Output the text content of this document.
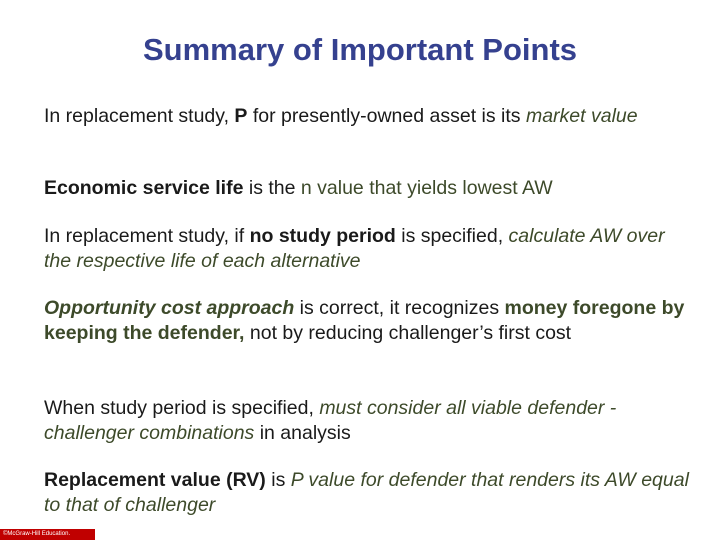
Summary of Important Points
In replacement study, P for presently-owned asset is its market value
Economic service life is the n value that yields lowest AW
In replacement study, if no study period is specified, calculate AW over the respective life of each alternative
Opportunity cost approach is correct, it recognizes money foregone by keeping the defender, not by reducing challenger’s first cost
When study period is specified, must consider all viable defender -challenger combinations in analysis
Replacement value (RV) is P value for defender that renders its AW equal to that of challenger
©McGraw-Hill Education.
